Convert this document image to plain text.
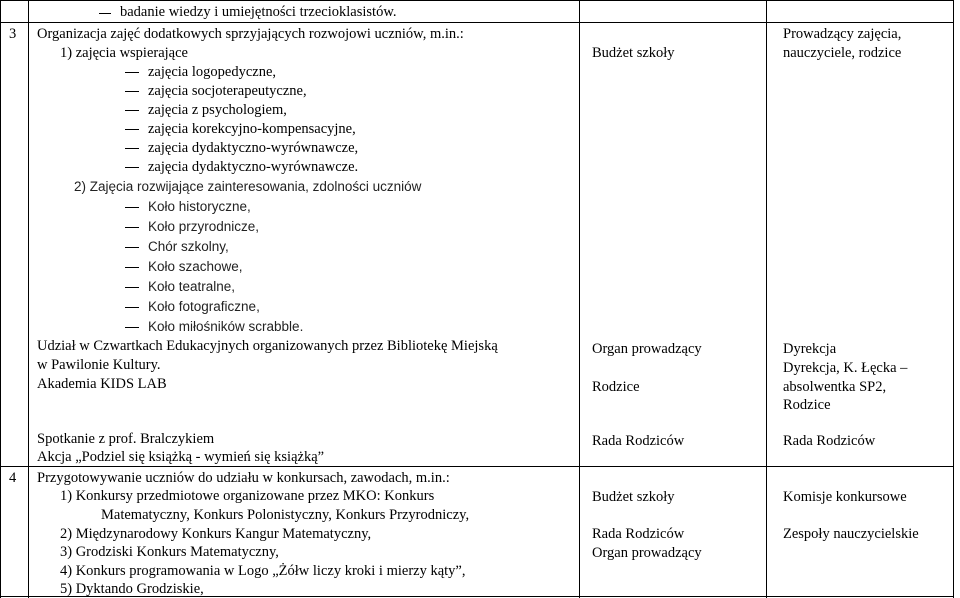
badanie wiedzy i umiejętności trzecioklasistów.
3 Organizacja zajęć dodatkowych sprzyjających rozwojowi uczniów, m.in.:
1) zajęcia wspierające
zajęcia logopedyczne,
zajęcia socjoterapeutyczne,
zajęcia z psychologiem,
zajęcia korekcyjno-kompensacyjne,
zajęcia dydaktyczno-wyrównawcze,
zajęcia dydaktyczno-wyrównawcze.
2) Zajęcia rozwijające zainteresowania, zdolności uczniów
Koło historyczne,
Koło przyrodnicze,
Chór szkolny,
Koło szachowe,
Koło teatralne,
Koło fotograficzne,
Koło miłośników scrabble.
Udział w Czwartkach Edukacyjnych organizowanych przez Bibliotekę Miejską
w Pawilonie Kultury.
Akademia KIDS LAB
Spotkanie z prof. Bralczykiem
Akcja „Podziel się książką - wymień się książką”
Budżet szkoły
Organ prowadzący
Rodzice
Rada Rodziców
Prowadzący zajęcia,
nauczyciele, rodzice
Dyrekcja
Dyrekcja, K. Łęcka –
absolwentka SP2,
Rodzice
Rada Rodziców
4 Przygotowywanie uczniów do udziału w konkursach, zawodach, m.in.:
1) Konkursy przedmiotowe organizowane przez MKO: Konkurs
Matematyczny, Konkurs Polonistyczny, Konkurs Przyrodniczy,
2) Międzynarodowy Konkurs Kangur Matematyczny,
3) Grodziski Konkurs Matematyczny,
4) Konkurs programowania w Logo „Żółw liczy kroki i mierzy kąty”,
5) Dyktando Grodziskie,
Budżet szkoły
Rada Rodziców
Organ prowadzący
Komisje konkursowe
Zespoły nauczycielskie
